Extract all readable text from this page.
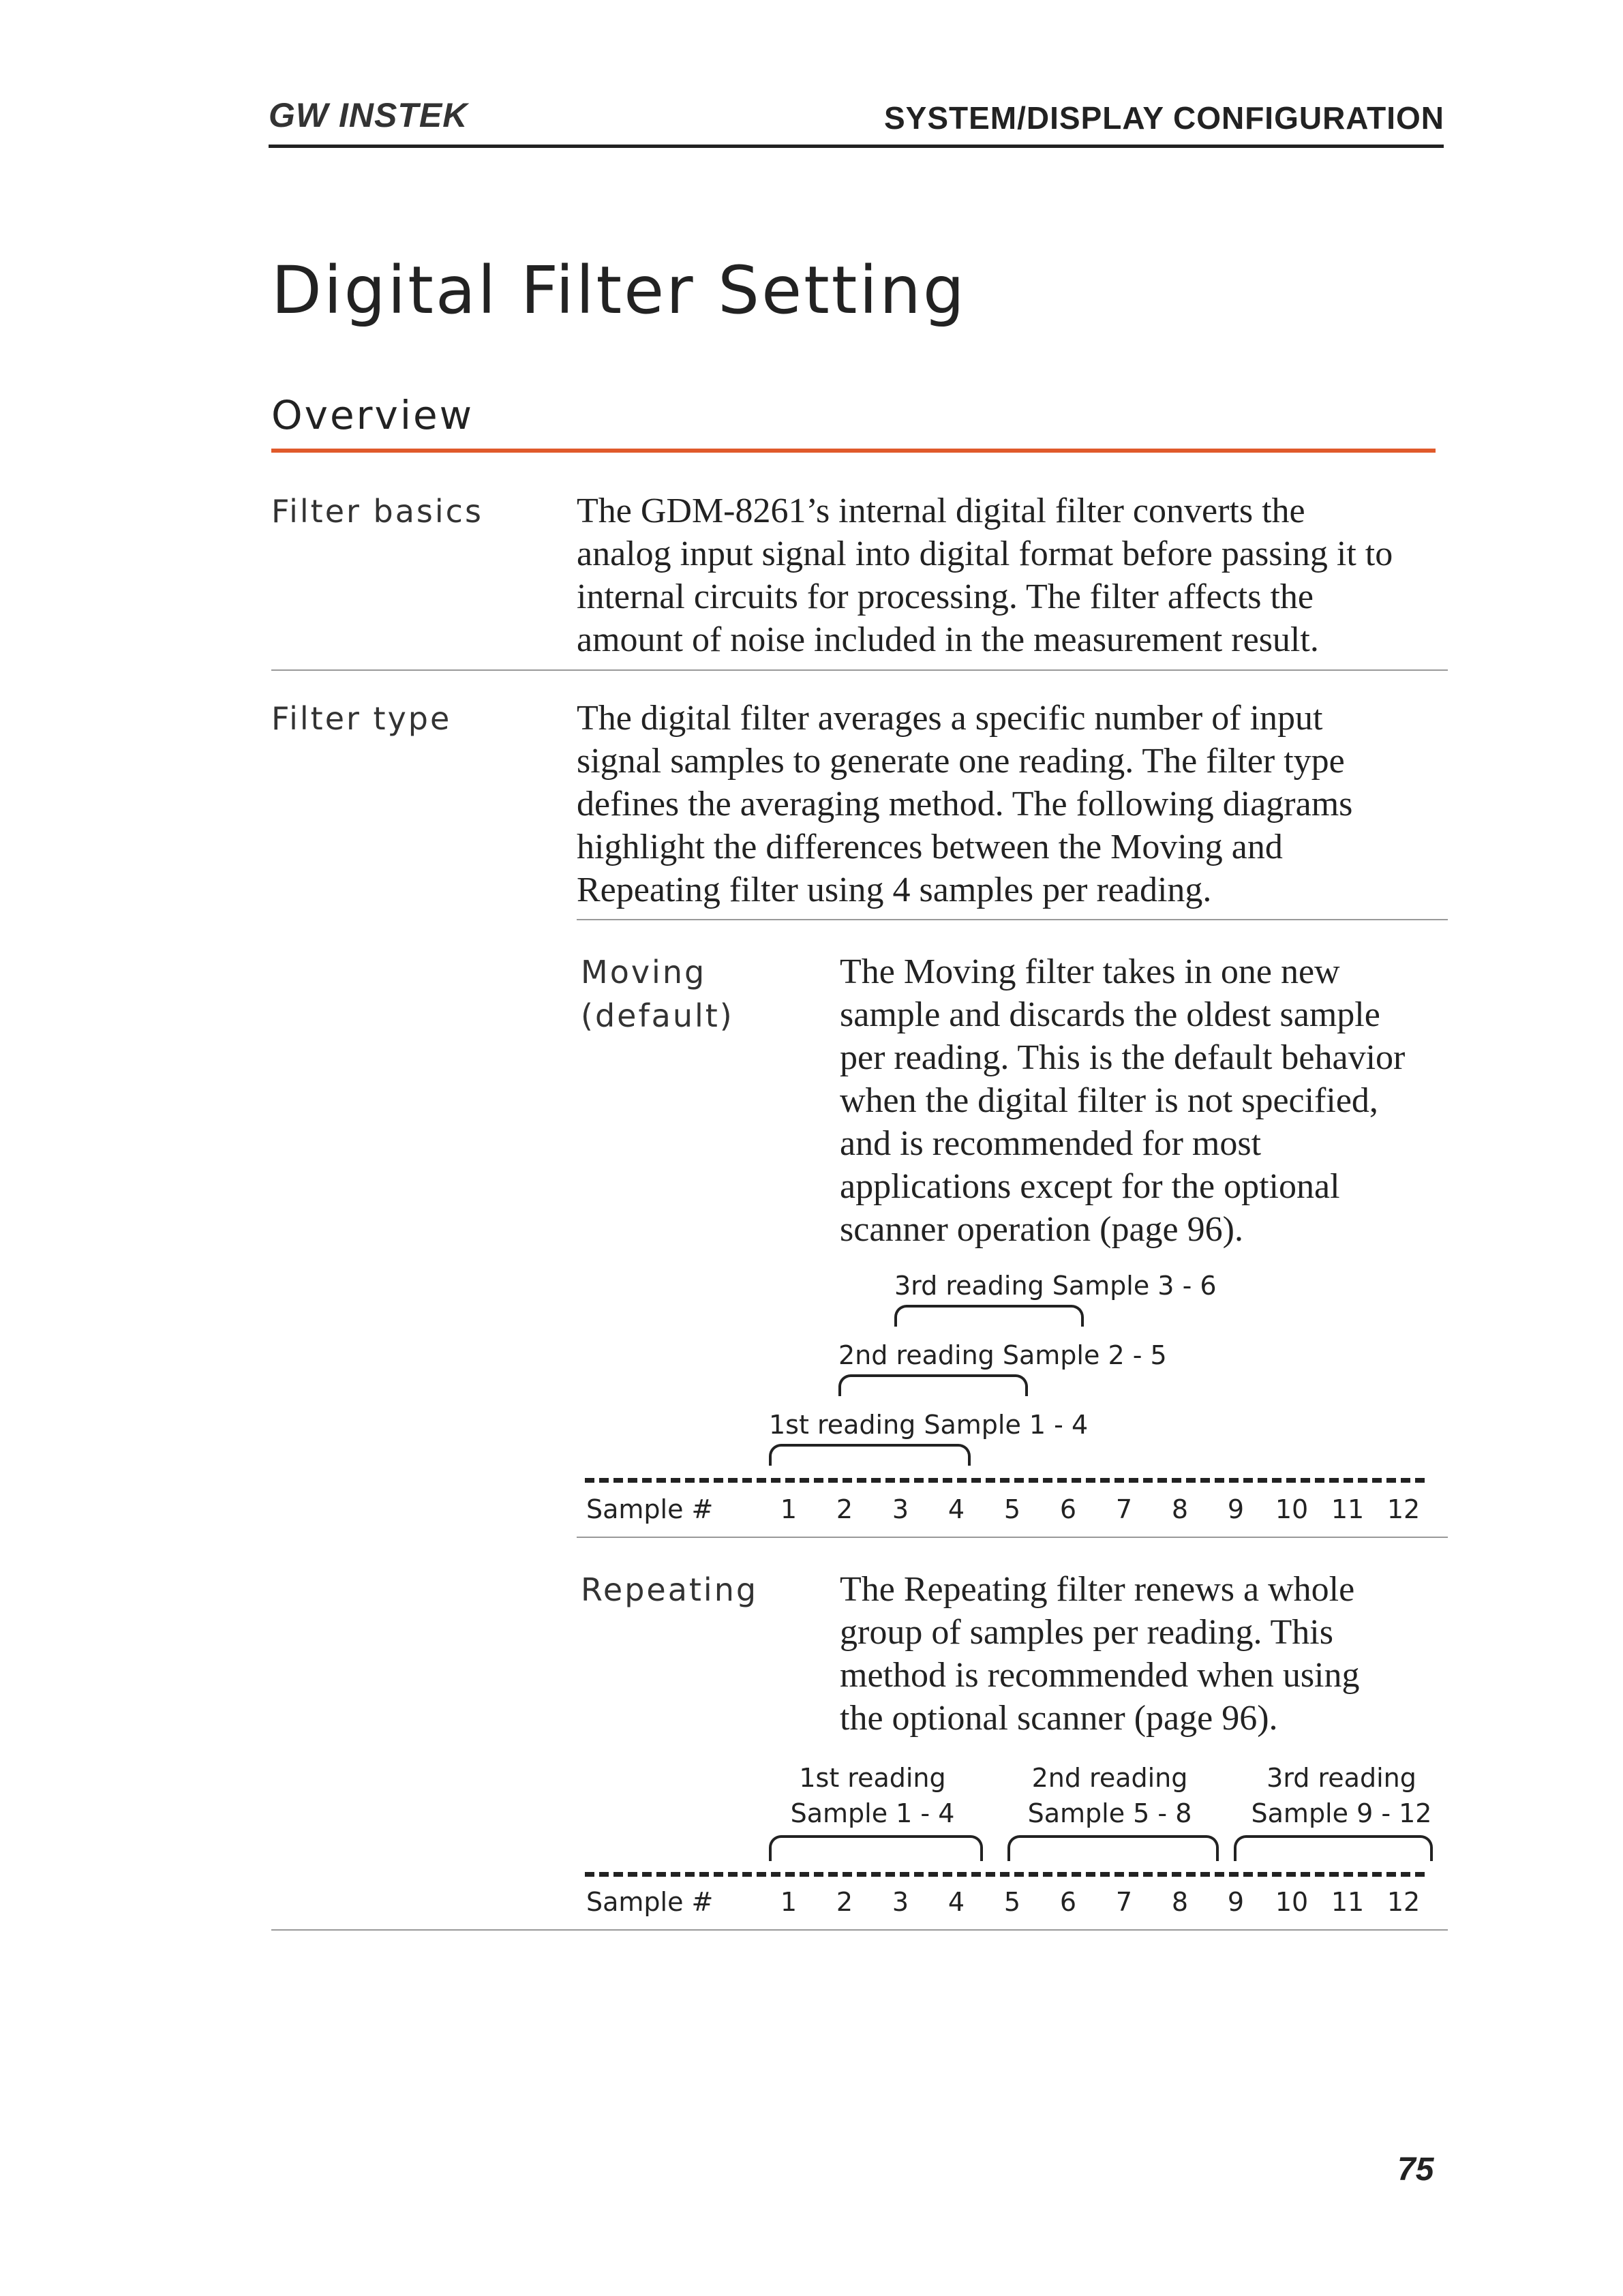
GW INSTEK	SYSTEM/DISPLAY CONFIGURATION
Digital Filter Setting
Overview
Filter basics	The GDM-8261’s internal digital filter converts the
analog input signal into digital format before passing it to
internal circuits for processing. The filter affects the
amount of noise included in the measurement result.
Filter type	The digital filter averages a specific number of input
signal samples to generate one reading. The filter type
defines the averaging method. The following diagrams
highlight the differences between the Moving and
Repeating filter using 4 samples per reading.
Moving
(default)
The Moving filter takes in one new
sample and discards the oldest sample
per reading. This is the default behavior
when the digital filter is not specified,
and is recommended for most
applications except for the optional
scanner operation (page 96).
3rd reading Sample 3 - 6
2nd reading Sample 2 - 5
1st reading Sample 1 - 4
Sample #	1	2	3	4	5	6	7	8	9	10 11 12
Repeating The Repeating filter renews a whole
group of samples per reading. This
method is recommended when using
the optional scanner (page 96).
1st reading
Sample 1 - 4
2nd reading
Sample 5 - 8
3rd reading
Sample 9 - 12
Sample #	1	2	3	4	5	6	7	8	9	10 11 12
75
